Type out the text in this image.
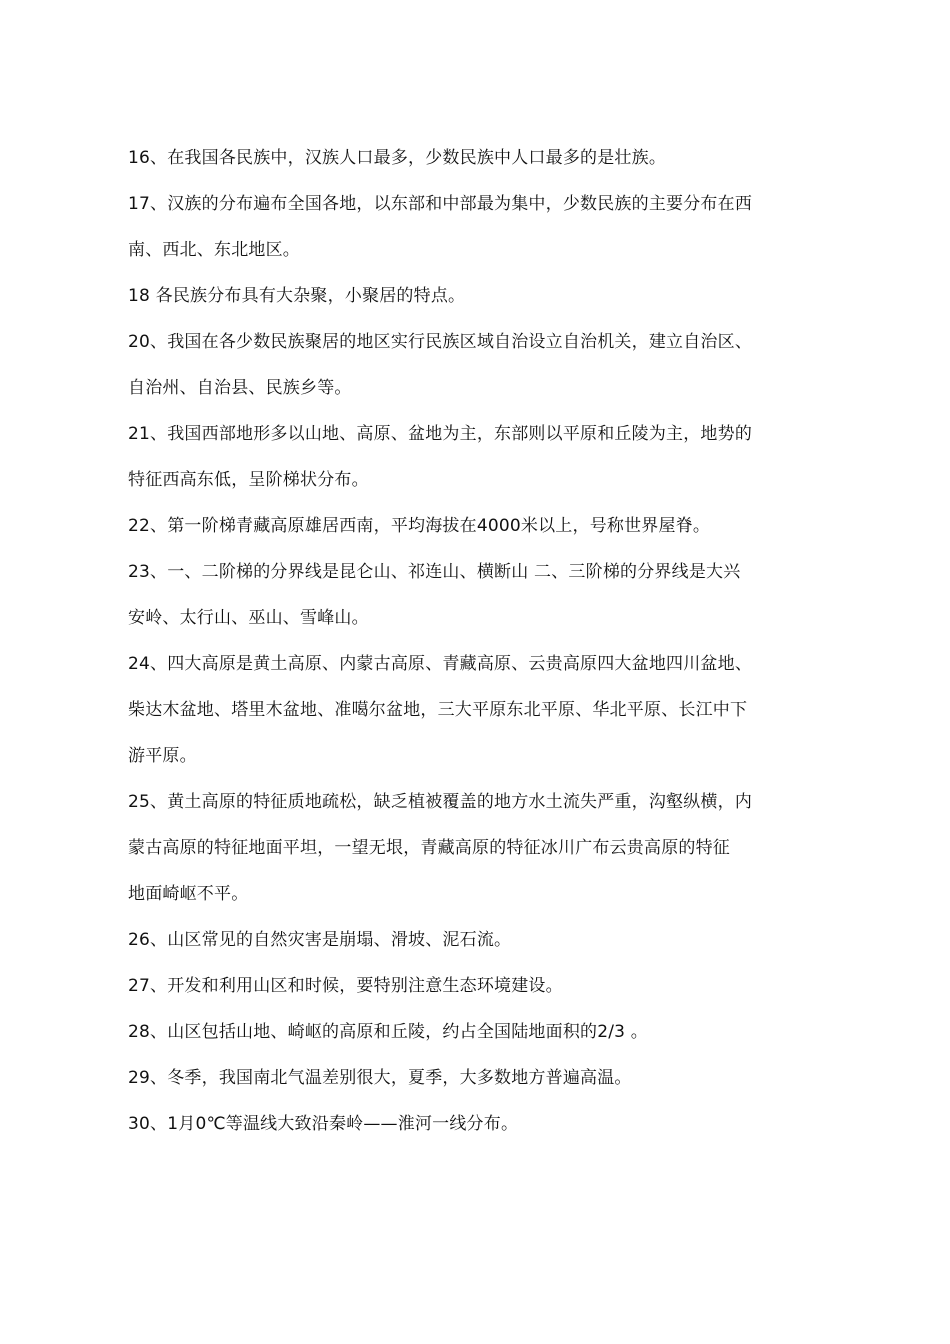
16、在我国各民族中，汉族人口最多，少数民族中人口最多的是壮族。

17、汉族的分布遍布全国各地，以东部和中部最为集中，少数民族的主要分布在西

南、西北、东北地区。

18 各民族分布具有大杂聚，小聚居的特点。

20、我国在各少数民族聚居的地区实行民族区域自治设立自治机关，建立自治区、

自治州、自治县、民族乡等。

21、我国西部地形多以山地、高原、盆地为主，东部则以平原和丘陵为主，地势的

特征西高东低，呈阶梯状分布。

22、第一阶梯青藏高原雄居西南，平均海拔在4000米以上，号称世界屋脊。

23、一、二阶梯的分界线是昆仑山、祁连山、横断山 二、三阶梯的分界线是大兴

安岭、太行山、巫山、雪峰山。

24、四大高原是黄土高原、内蒙古高原、青藏高原、云贵高原四大盆地四川盆地、

柴达木盆地、塔里木盆地、准噶尔盆地，三大平原东北平原、华北平原、长江中下

游平原。

25、黄土高原的特征质地疏松，缺乏植被覆盖的地方水土流失严重，沟壑纵横，内

蒙古高原的特征地面平坦，一望无垠，青藏高原的特征冰川广布云贵高原的特征

地面崎岖不平。

26、山区常见的自然灾害是崩塌、滑坡、泥石流。

27、开发和利用山区和时候，要特别注意生态环境建设。

28、山区包括山地、崎岖的高原和丘陵，约占全国陆地面积的2/3 。

29、冬季，我国南北气温差别很大，夏季，大多数地方普遍高温。

30、1月0℃等温线大致沿秦岭——淮河一线分布。
